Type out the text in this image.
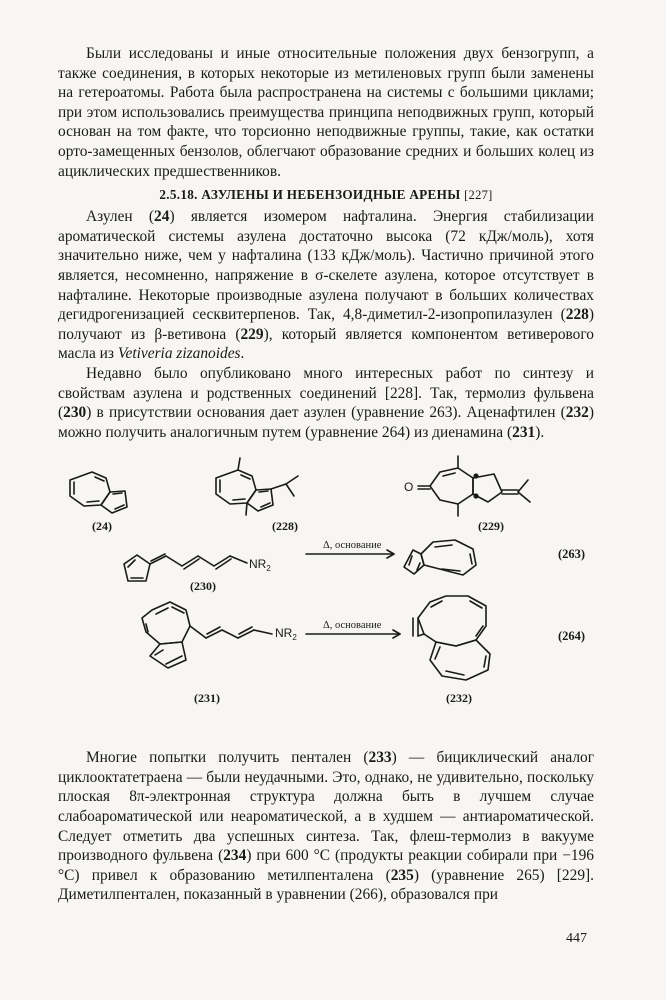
Были исследованы и иные относительные положения двух бензогрупп, а также соединения, в которых некоторые из метиленовых групп были заменены на гетероатомы. Работа была распространена на системы с большими циклами; при этом использовались преимущества принципа неподвижных групп, который основан на том факте, что торсионно неподвижные группы, такие, как остатки орто-замещенных бензолов, облегчают образование средних и больших колец из ациклических предшественников.

2.5.18. АЗУЛЕНЫ И НЕБЕНЗОИДНЫЕ АРЕНЫ [227]

Азулен (24) является изомером нафталина. Энергия стабилизации ароматической системы азулена достаточно высока (72 кДж/моль), хотя значительно ниже, чем у нафталина (133 кДж/моль). Частично причиной этого является, несомненно, напряжение в σ-скелете азулена, которое отсутствует в нафталине. Некоторые производные азулена получают в больших количествах дегидрогенизацией сесквитерпенов. Так, 4,8-диметил-2-изопропилазулен (228) получают из β-ветивона (229), который является компонентом ветиверового масла из Vetiveria zizanoides.

Недавно было опубликовано много интересных работ по синтезу и свойствам азулена и родственных соединений [228]. Так, термолиз фульвена (230) в присутствии основания дает азулен (уравнение 263). Аценафтилен (232) можно получить аналогичным путем (уравнение 264) из диенамина (231).

O
(24)	(228)	(229)
$NR_2$
Δ, основание
(263)
(230)
$NR_2$
Δ, основание
(264)
(231)	(232)

Многие попытки получить пентален (233) — бициклический аналог циклооктатетраена — были неудачными. Это, однако, не удивительно, поскольку плоская 8π-электронная структура должна быть в лучшем случае слабоароматической или неароматической, а в худшем — антиароматической. Следует отметить два успешных синтеза. Так, флеш-термолиз в вакууме производного фульвена (234) при 600 °C (продукты реакции собирали при −196 °C) привел к образованию метилпенталена (235) (уравнение 265) [229]. Диметилпентален, показанный в уравнении (266), образовался при

447
